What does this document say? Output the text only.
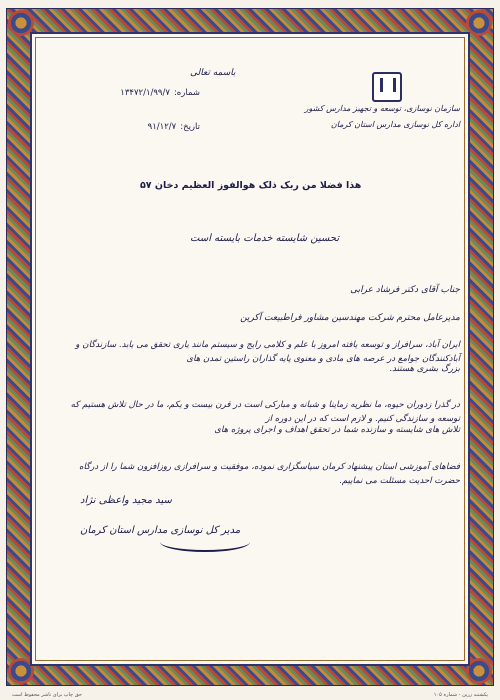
سازمان نوسازی، توسعه و تجهیز مدارس کشور
اداره کل نوسازی مدارس استان کرمان
باسمه تعالی
شماره:
۱۳۴۷۲/۱/۹۹/۷
تاریخ:
۹۱/۱۲/۷
هذا فضلا من ربک ذلک هوالفوز العظیم دخان ۵۷
تحسین شایسته خدمات بایسته است
جناب آقای دکتر فرشاد عرابی
مدیرعامل محترم شرکت مهندسین مشاور فراطبیعت آکرین
ایران آباد، سرافراز و توسعه یافته امروز با علم و کلامی رایج و سیستم مانند یاری تحقق می یابد. سازندگان و آبادکنندگان جوامع در عرصه های مادی و معنوی پایه گذاران راستین تمدن های
بزرگ بشری هستند.
در گذرا زدوران حیوه، ما نظریه زماینا و شبانه و مبارکی است در قرن بیست و یکم، ما در حال تلاش هستیم که توسعه و سازندگی کنیم. و لازم است که در این دوره از
تلاش های شایسته و سازنده شما در تحقق اهداف و اجرای پروژه های
فضاهای آموزشی استان پیشنهاد کرمان سپاسگزاری نموده، موفقیت و سرافرازی روزافزون شما را از درگاه حضرت احدیت مسئلت می نماییم.
سید مجید واعظی نژاد
مدیر کل نوسازی مدارس استان کرمان
حق چاپ برای ناشر محفوظ است	یکشنبه زرین - شماره ۱۰۵
